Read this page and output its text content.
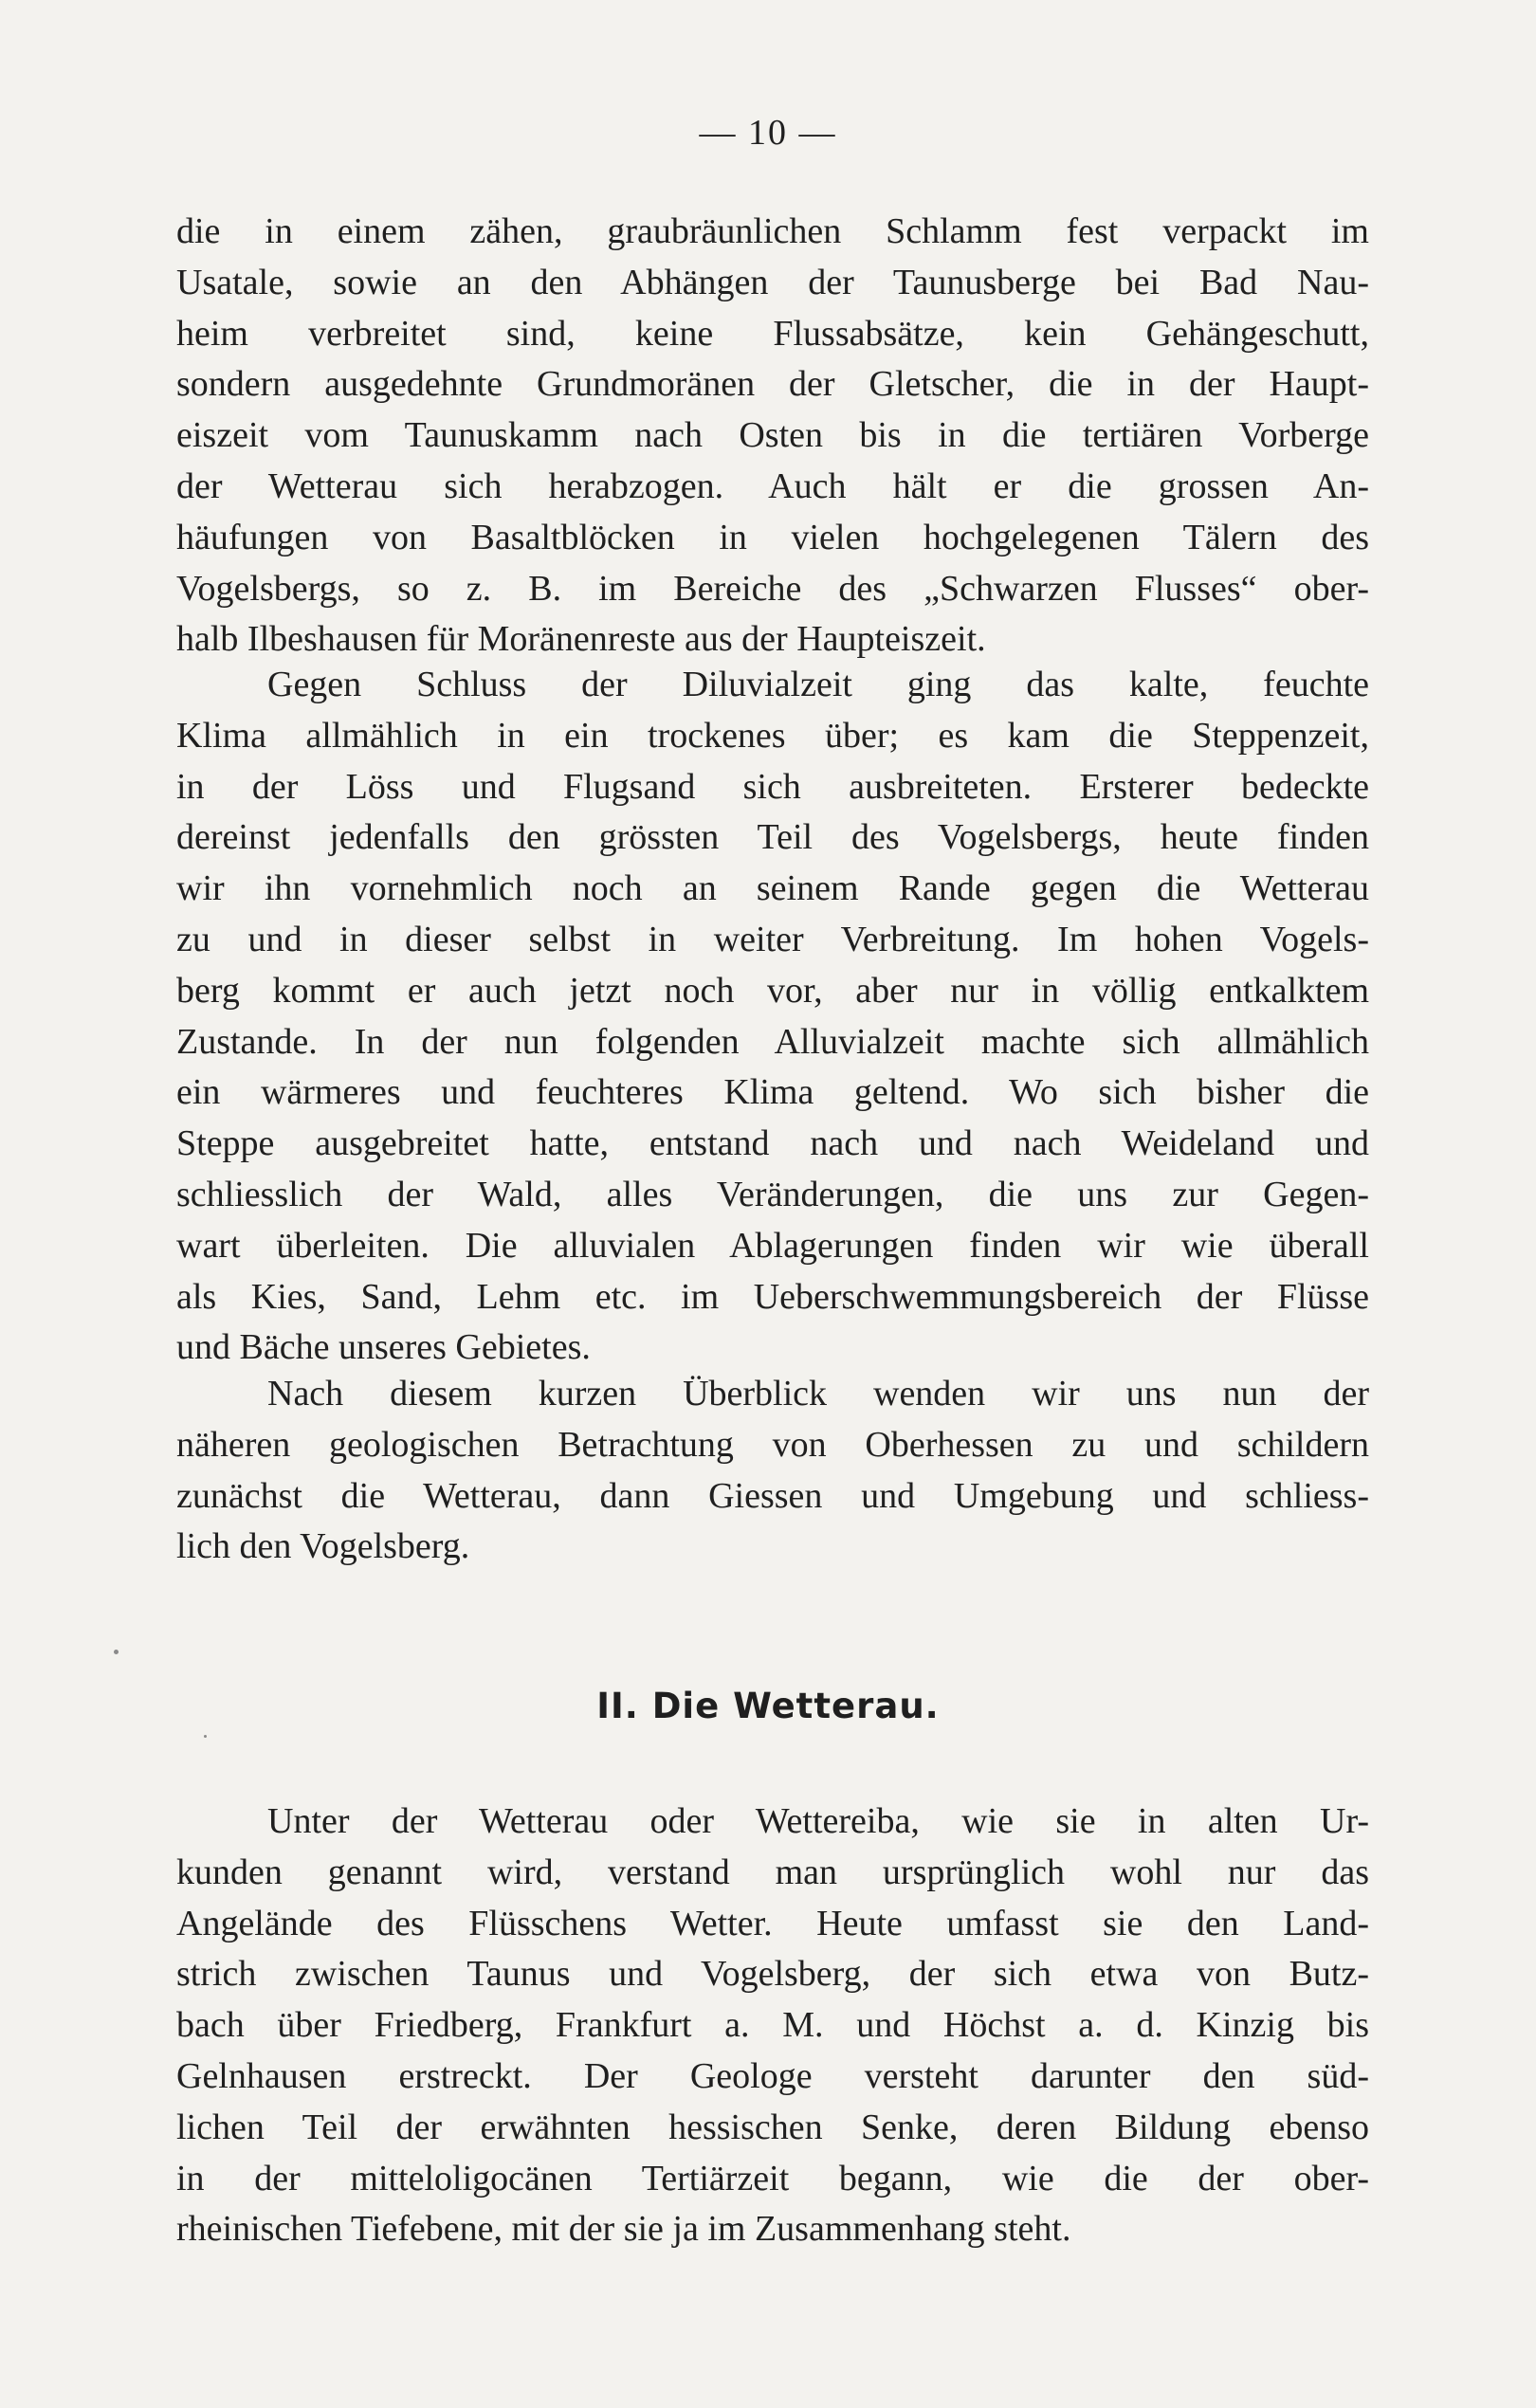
— 10 —
die in einem zähen, graubräunlichen Schlamm fest verpackt im
Usatale, sowie an den Abhängen der Taunusberge bei Bad Nau-
heim verbreitet sind, keine Flussabsätze, kein Gehängeschutt,
sondern ausgedehnte Grundmoränen der Gletscher, die in der Haupt-
eiszeit vom Taunuskamm nach Osten bis in die tertiären Vorberge
der Wetterau sich herabzogen. Auch hält er die grossen An-
häufungen von Basaltblöcken in vielen hochgelegenen Tälern des
Vogelsbergs, so z. B. im Bereiche des „Schwarzen Flusses“ ober-
halb Ilbeshausen für Moränenreste aus der Haupteiszeit.
Gegen Schluss der Diluvialzeit ging das kalte, feuchte
Klima allmählich in ein trockenes über; es kam die Steppenzeit,
in der Löss und Flugsand sich ausbreiteten. Ersterer bedeckte
dereinst jedenfalls den grössten Teil des Vogelsbergs, heute finden
wir ihn vornehmlich noch an seinem Rande gegen die Wetterau
zu und in dieser selbst in weiter Verbreitung. Im hohen Vogels-
berg kommt er auch jetzt noch vor, aber nur in völlig entkalktem
Zustande. In der nun folgenden Alluvialzeit machte sich allmählich
ein wärmeres und feuchteres Klima geltend. Wo sich bisher die
Steppe ausgebreitet hatte, entstand nach und nach Weideland und
schliesslich der Wald, alles Veränderungen, die uns zur Gegen-
wart überleiten. Die alluvialen Ablagerungen finden wir wie überall
als Kies, Sand, Lehm etc. im Ueberschwemmungsbereich der Flüsse
und Bäche unseres Gebietes.
Nach diesem kurzen Überblick wenden wir uns nun der
näheren geologischen Betrachtung von Oberhessen zu und schildern
zunächst die Wetterau, dann Giessen und Umgebung und schliess-
lich den Vogelsberg.
II. Die Wetterau.
Unter der Wetterau oder Wettereiba, wie sie in alten Ur-
kunden genannt wird, verstand man ursprünglich wohl nur das
Angelände des Flüsschens Wetter. Heute umfasst sie den Land-
strich zwischen Taunus und Vogelsberg, der sich etwa von Butz-
bach über Friedberg, Frankfurt a. M. und Höchst a. d. Kinzig bis
Gelnhausen erstreckt. Der Geologe versteht darunter den süd-
lichen Teil der erwähnten hessischen Senke, deren Bildung ebenso
in der mitteloligocänen Tertiärzeit begann, wie die der ober-
rheinischen Tiefebene, mit der sie ja im Zusammenhang steht.
